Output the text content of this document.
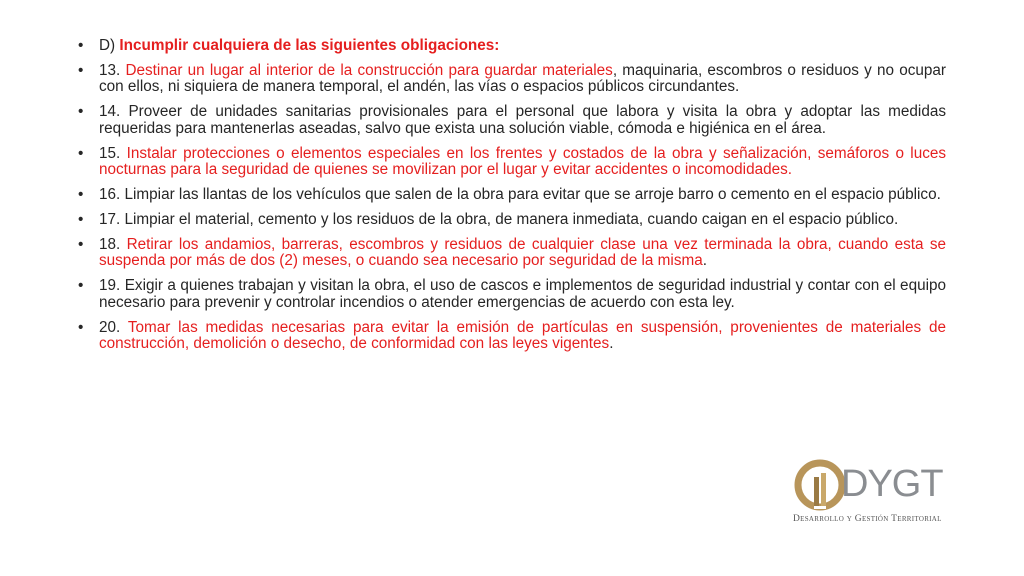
• D) Incumplir cualquiera de las siguientes obligaciones:
• 13. Destinar un lugar al interior de la construcción para guardar materiales, maquinaria, escombros o residuos y no ocupar con ellos, ni siquiera de manera temporal, el andén, las vías o espacios públicos circundantes.
• 14. Proveer de unidades sanitarias provisionales para el personal que labora y visita la obra y adoptar las medidas requeridas para mantenerlas aseadas, salvo que exista una solución viable, cómoda e higiénica en el área.
• 15. Instalar protecciones o elementos especiales en los frentes y costados de la obra y señalización, semáforos o luces nocturnas para la seguridad de quienes se movilizan por el lugar y evitar accidentes o incomodidades.
• 16. Limpiar las llantas de los vehículos que salen de la obra para evitar que se arroje barro o cemento en el espacio público.
• 17. Limpiar el material, cemento y los residuos de la obra, de manera inmediata, cuando caigan en el espacio público.
• 18. Retirar los andamios, barreras, escombros y residuos de cualquier clase una vez terminada la obra, cuando esta se suspenda por más de dos (2) meses, o cuando sea necesario por seguridad de la misma.
• 19. Exigir a quienes trabajan y visitan la obra, el uso de cascos e implementos de seguridad industrial y contar con el equipo necesario para prevenir y controlar incendios o atender emergencias de acuerdo con esta ley.
• 20. Tomar las medidas necesarias para evitar la emisión de partículas en suspensión, provenientes de materiales de construcción, demolición o desecho, de conformidad con las leyes vigentes.
DYGT
Desarrollo y Gestión Territorial
